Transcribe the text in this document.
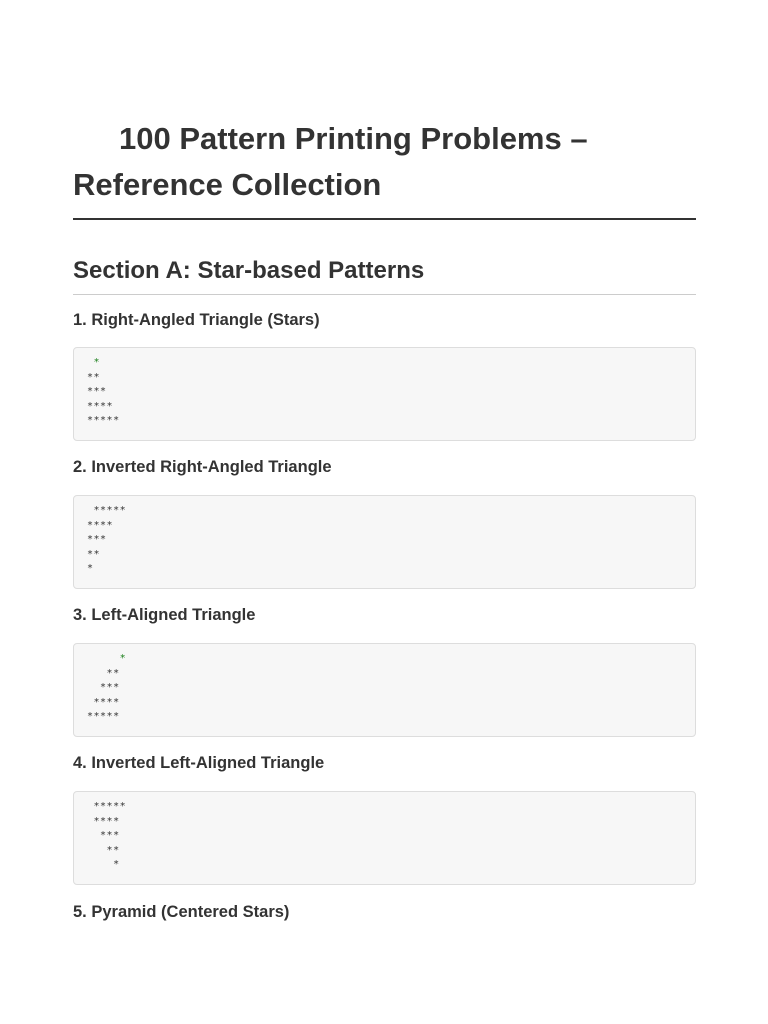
100 Pattern Printing Problems – Reference Collection
Section A: Star-based Patterns
1. Right-Angled Triangle (Stars)
*
**
***
****
*****
2. Inverted Right-Angled Triangle
*****
****
***
**
*
3. Left-Aligned Triangle
*
**
***
****
*****
4. Inverted Left-Aligned Triangle
*****
****
***
**
*
5. Pyramid (Centered Stars)
